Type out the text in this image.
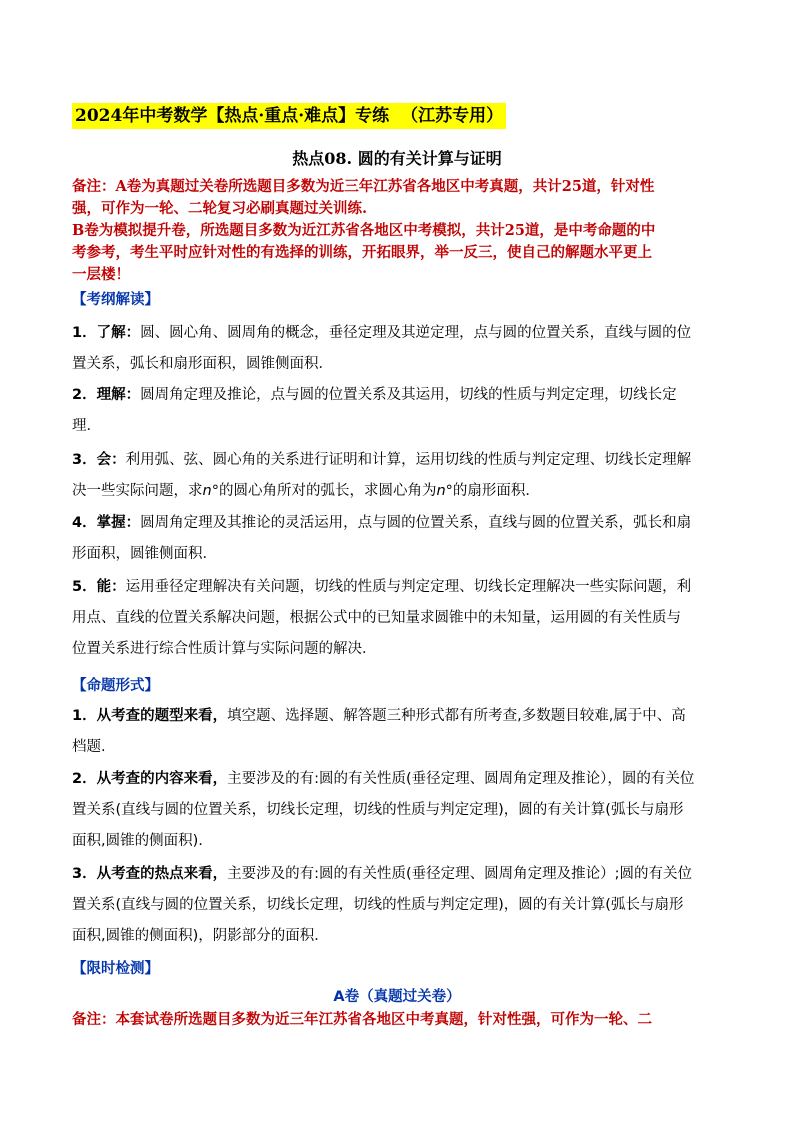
2024年中考数学【热点·重点·难点】专练 （江苏专用）
热点08. 圆的有关计算与证明
备注：A卷为真题过关卷所选题目多数为近三年江苏省各地区中考真题，共计25道，针对性
强，可作为一轮、二轮复习必刷真题过关训练.
B卷为模拟提升卷，所选题目多数为近江苏省各地区中考模拟，共计25道，是中考命题的中
考参考，考生平时应针对性的有选择的训练，开拓眼界，举一反三，使自己的解题水平更上
一层楼！
【考纲解读】
1．了解：圆、圆心角、圆周角的概念，垂径定理及其逆定理，点与圆的位置关系，直线与圆的位
置关系，弧长和扇形面积，圆锥侧面积．
2．理解：圆周角定理及推论，点与圆的位置关系及其运用，切线的性质与判定定理，切线长定
理．
3．会：利用弧、弦、圆心角的关系进行证明和计算，运用切线的性质与判定定理、切线长定理解
决一些实际问题，求n°的圆心角所对的弧长，求圆心角为n°的扇形面积．
4．掌握：圆周角定理及其推论的灵活运用，点与圆的位置关系，直线与圆的位置关系，弧长和扇
形面积，圆锥侧面积．
5．能：运用垂径定理解决有关问题，切线的性质与判定定理、切线长定理解决一些实际问题，利
用点、直线的位置关系解决问题，根据公式中的已知量求圆锥中的未知量，运用圆的有关性质与
位置关系进行综合性质计算与实际问题的解决．
【命题形式】
1．从考查的题型来看，填空题、选择题、解答题三种形式都有所考查,多数题目较难,属于中、高
档题.
2．从考查的内容来看，主要涉及的有:圆的有关性质(垂径定理、圆周角定理及推论），圆的有关位
置关系(直线与圆的位置关系，切线长定理，切线的性质与判定定理)，圆的有关计算(弧长与扇形
面积,圆锥的侧面积).
3．从考查的热点来看，主要涉及的有:圆的有关性质(垂径定理、圆周角定理及推论）;圆的有关位
置关系(直线与圆的位置关系，切线长定理，切线的性质与判定定理)，圆的有关计算(弧长与扇形
面积,圆锥的侧面积)，阴影部分的面积．
【限时检测】
A卷（真题过关卷）
备注：本套试卷所选题目多数为近三年江苏省各地区中考真题，针对性强，可作为一轮、二
